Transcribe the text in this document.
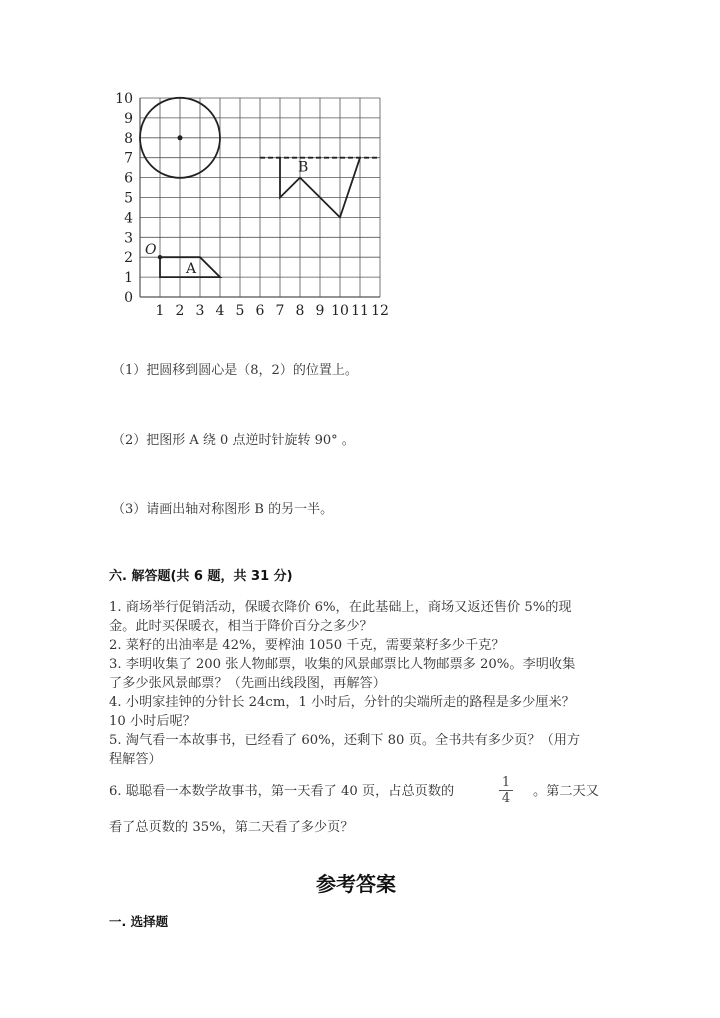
1 2 3 4 5 6 7 8 9 10 11 12
0
1
2
3
4
5
6
7
8
9
10
A
O
B
（1）把圆移到圆心是（8，2）的位置上。
（2）把图形 A 绕 0 点逆时针旋转 90° 。
（3）请画出轴对称图形 B 的另一半。
六. 解答题(共 6 题，共 31 分)
1. 商场举行促销活动，保暖衣降价 6%，在此基础上，商场又返还售价 5%的现
金。此时买保暖衣，相当于降价百分之多少？
2. 菜籽的出油率是 42%，要榨油 1050 千克，需要菜籽多少千克？
3. 李明收集了 200 张人物邮票，收集的风景邮票比人物邮票多 20%。李明收集
了多少张风景邮票？（先画出线段图，再解答）
4. 小明家挂钟的分针长 24cm，1 小时后，分针的尖端所走的路程是多少厘米？
10 小时后呢？
5. 淘气看一本故事书，已经看了 60%，还剩下 80 页。全书共有多少页？（用方
程解答）
6. 聪聪看一本数学故事书，第一天看了 40 页，占总页数的	$\frac{1}{4}$ 。第二天又
看了总页数的 35%，第二天看了多少页？
参考答案
一. 选择题
